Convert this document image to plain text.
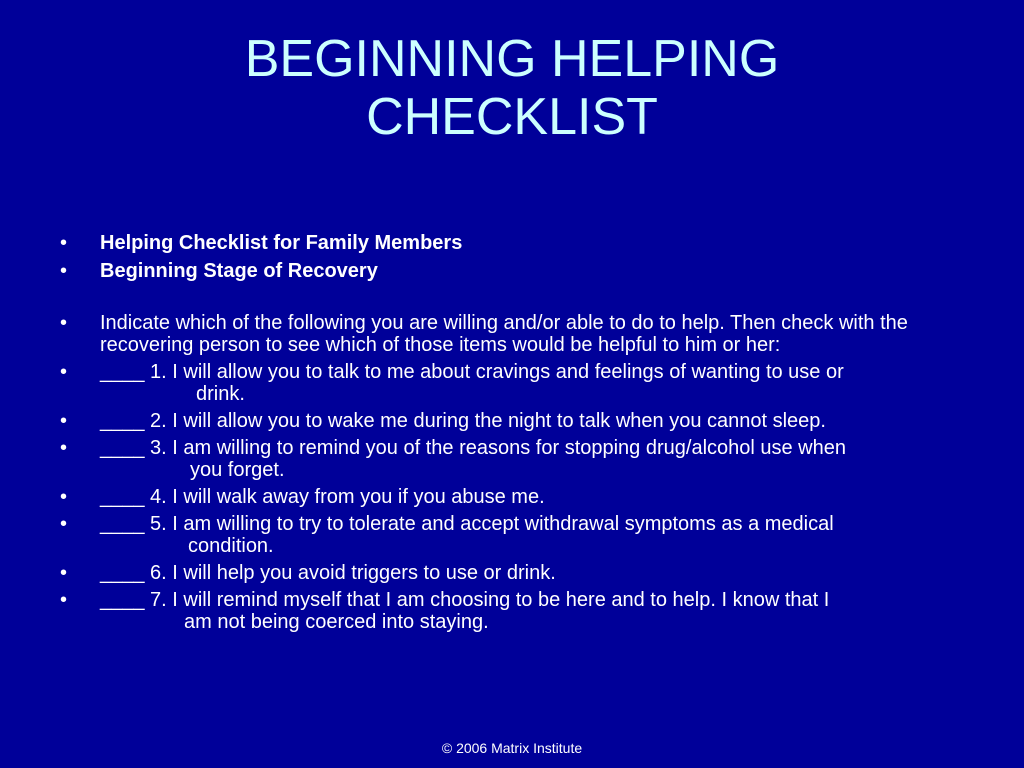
BEGINNING HELPING
CHECKLIST
• Helping Checklist for Family Members
• Beginning Stage of Recovery
• Indicate which of the following you are willing and/or able to do to help. Then check with the recovering person to see which of those items would be helpful to him or her:
• ____ 1. I will allow you to talk to me about cravings and feelings of wanting to use or
drink.
• ____ 2. I will allow you to wake me during the night to talk when you cannot sleep.
• ____ 3. I am willing to remind you of the reasons for stopping drug/alcohol use when
you forget.
• ____ 4. I will walk away from you if you abuse me.
• ____ 5. I am willing to try to tolerate and accept withdrawal symptoms as a medical
condition.
• ____ 6. I will help you avoid triggers to use or drink.
• ____ 7. I will remind myself that I am choosing to be here and to help. I know that I
am not being coerced into staying.
© 2006 Matrix Institute
